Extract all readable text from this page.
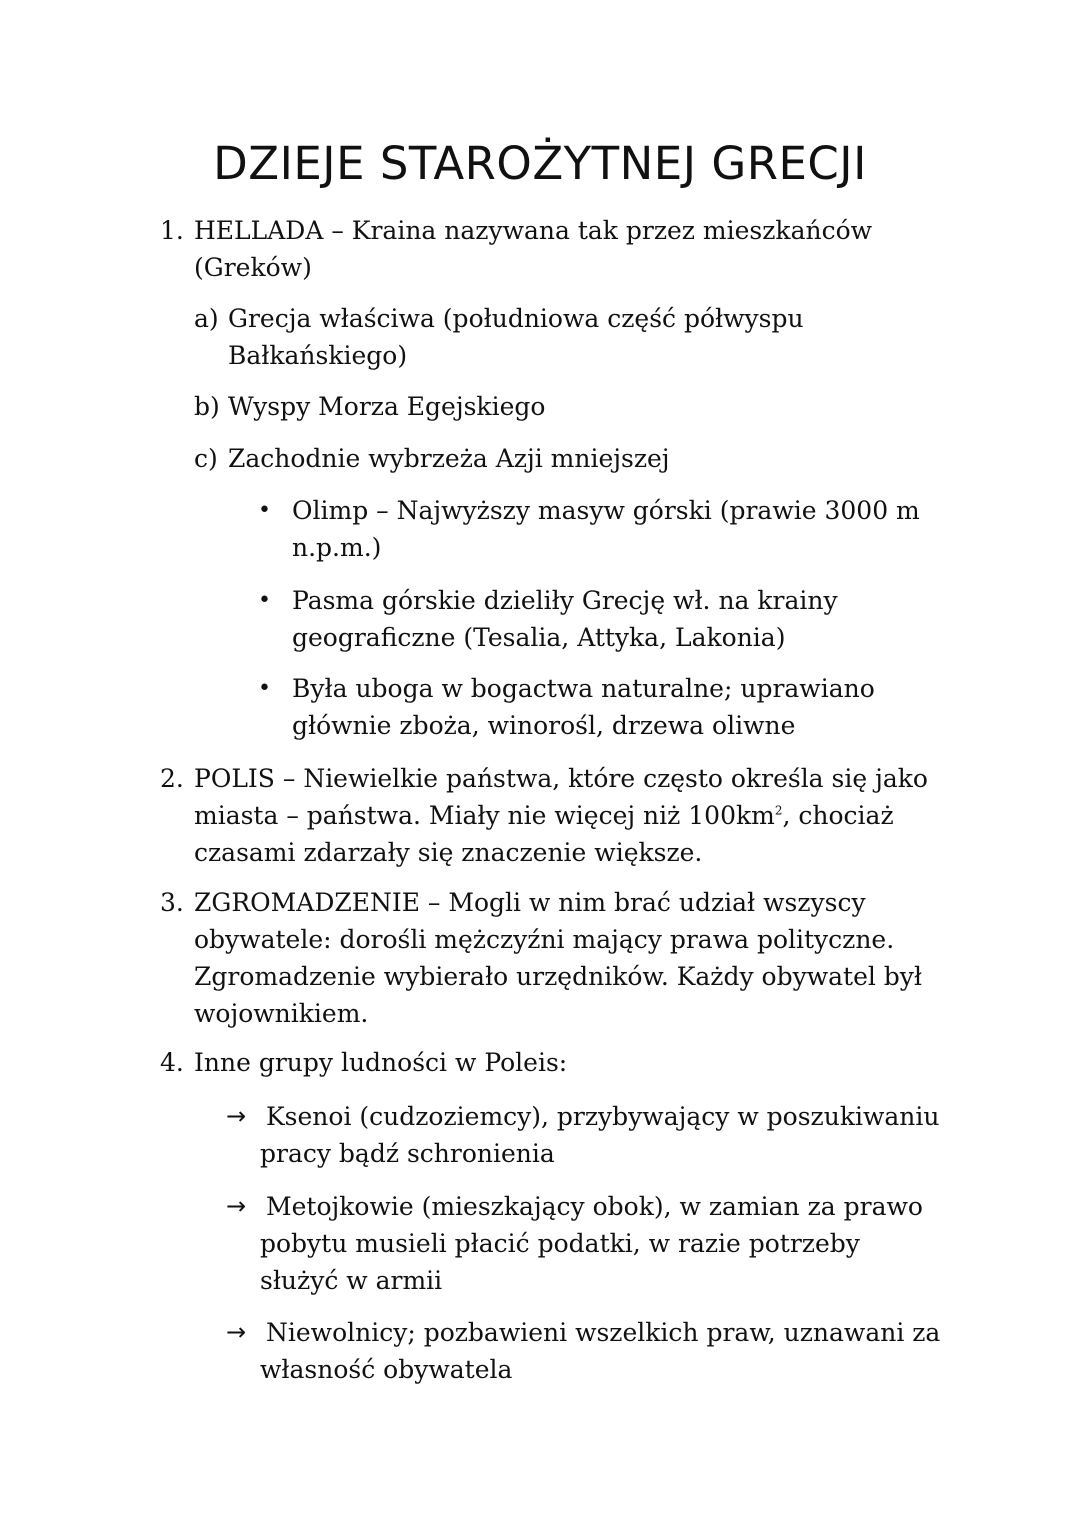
DZIEJE STAROŻYTNEJ GRECJI
1. HELLADA – Kraina nazywana tak przez mieszkańców (Greków)
a) Grecja właściwa (południowa część półwyspu Bałkańskiego)
b) Wyspy Morza Egejskiego
c) Zachodnie wybrzeża Azji mniejszej
• Olimp – Najwyższy masyw górski (prawie 3000 m n.p.m.)
• Pasma górskie dzieliły Grecję wł. na krainy geograficzne (Tesalia, Attyka, Lakonia)
• Była uboga w bogactwa naturalne; uprawiano głównie zboża, winorośl, drzewa oliwne
2. POLIS – Niewielkie państwa, które często określa się jako miasta – państwa. Miały nie więcej niż $100km^2$, chociaż czasami zdarzały się znaczenie większe.
3. ZGROMADZENIE – Mogli w nim brać udział wszyscy obywatele: dorośli mężczyźni mający prawa polityczne. Zgromadzenie wybierało urzędników. Każdy obywatel był wojownikiem.
4. Inne grupy ludności w Poleis:
→ Ksenoi (cudzoziemcy), przybywający w poszukiwaniu pracy bądź schronienia
→ Metojkowie (mieszkający obok), w zamian za prawo pobytu musieli płacić podatki, w razie potrzeby służyć w armii
→ Niewolnicy; pozbawieni wszelkich praw, uznawani za własność obywatela
